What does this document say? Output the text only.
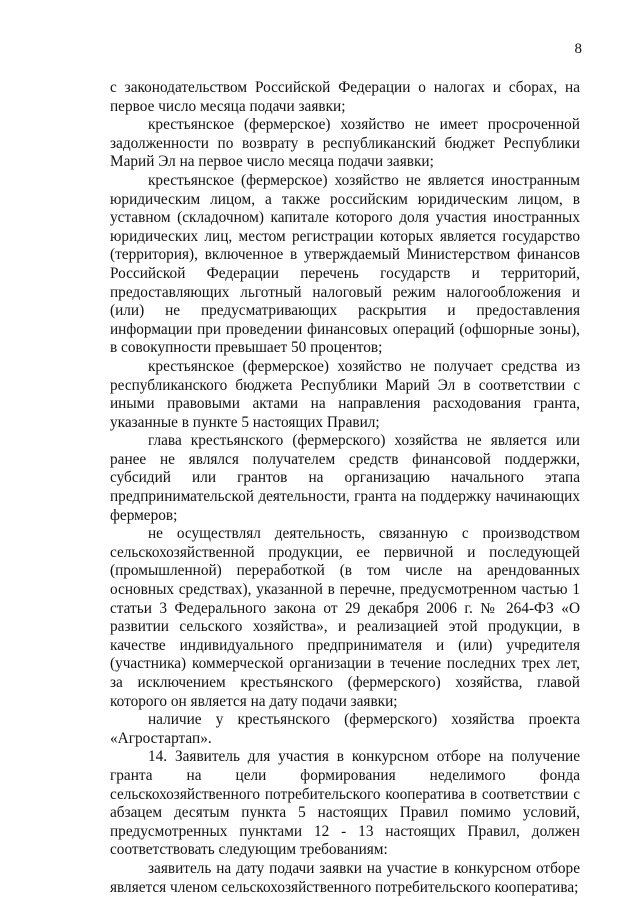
8

с законодательством Российской Федерации о налогах и сборах, на первое число месяца подачи заявки;

крестьянское (фермерское) хозяйство не имеет просроченной задолженности по возврату в республиканский бюджет Республики Марий Эл на первое число месяца подачи заявки;

крестьянское (фермерское) хозяйство не является иностранным юридическим лицом, а также российским юридическим лицом, в уставном (складочном) капитале которого доля участия иностранных юридических лиц, местом регистрации которых является государство (территория), включенное в утверждаемый Министерством финансов Российской Федерации перечень государств и территорий, предоставляющих льготный налоговый режим налогообложения и (или) не предусматривающих раскрытия и предоставления информации при проведении финансовых операций (офшорные зоны), в совокупности превышает 50 процентов;

крестьянское (фермерское) хозяйство не получает средства из республиканского бюджета Республики Марий Эл в соответствии с иными правовыми актами на направления расходования гранта, указанные в пункте 5 настоящих Правил;

глава крестьянского (фермерского) хозяйства не является или ранее не являлся получателем средств финансовой поддержки, субсидий или грантов на организацию начального этапа предпринимательской деятельности, гранта на поддержку начинающих фермеров;

не осуществлял деятельность, связанную с производством сельскохозяйственной продукции, ее первичной и последующей (промышленной) переработкой (в том числе на арендованных основных средствах), указанной в перечне, предусмотренном частью 1 статьи 3 Федерального закона от 29 декабря 2006 г. № 264-ФЗ «О развитии сельского хозяйства», и реализацией этой продукции, в качестве индивидуального предпринимателя и (или) учредителя (участника) коммерческой организации в течение последних трех лет, за исключением крестьянского (фермерского) хозяйства, главой которого он является на дату подачи заявки;

наличие у крестьянского (фермерского) хозяйства проекта «Агростартап».

14. Заявитель для участия в конкурсном отборе на получение гранта на цели формирования неделимого фонда сельскохозяйственного потребительского кооператива в соответствии с абзацем десятым пункта 5 настоящих Правил помимо условий, предусмотренных пунктами 12 - 13 настоящих Правил, должен соответствовать следующим требованиям:

заявитель на дату подачи заявки на участие в конкурсном отборе является членом сельскохозяйственного потребительского кооператива;
